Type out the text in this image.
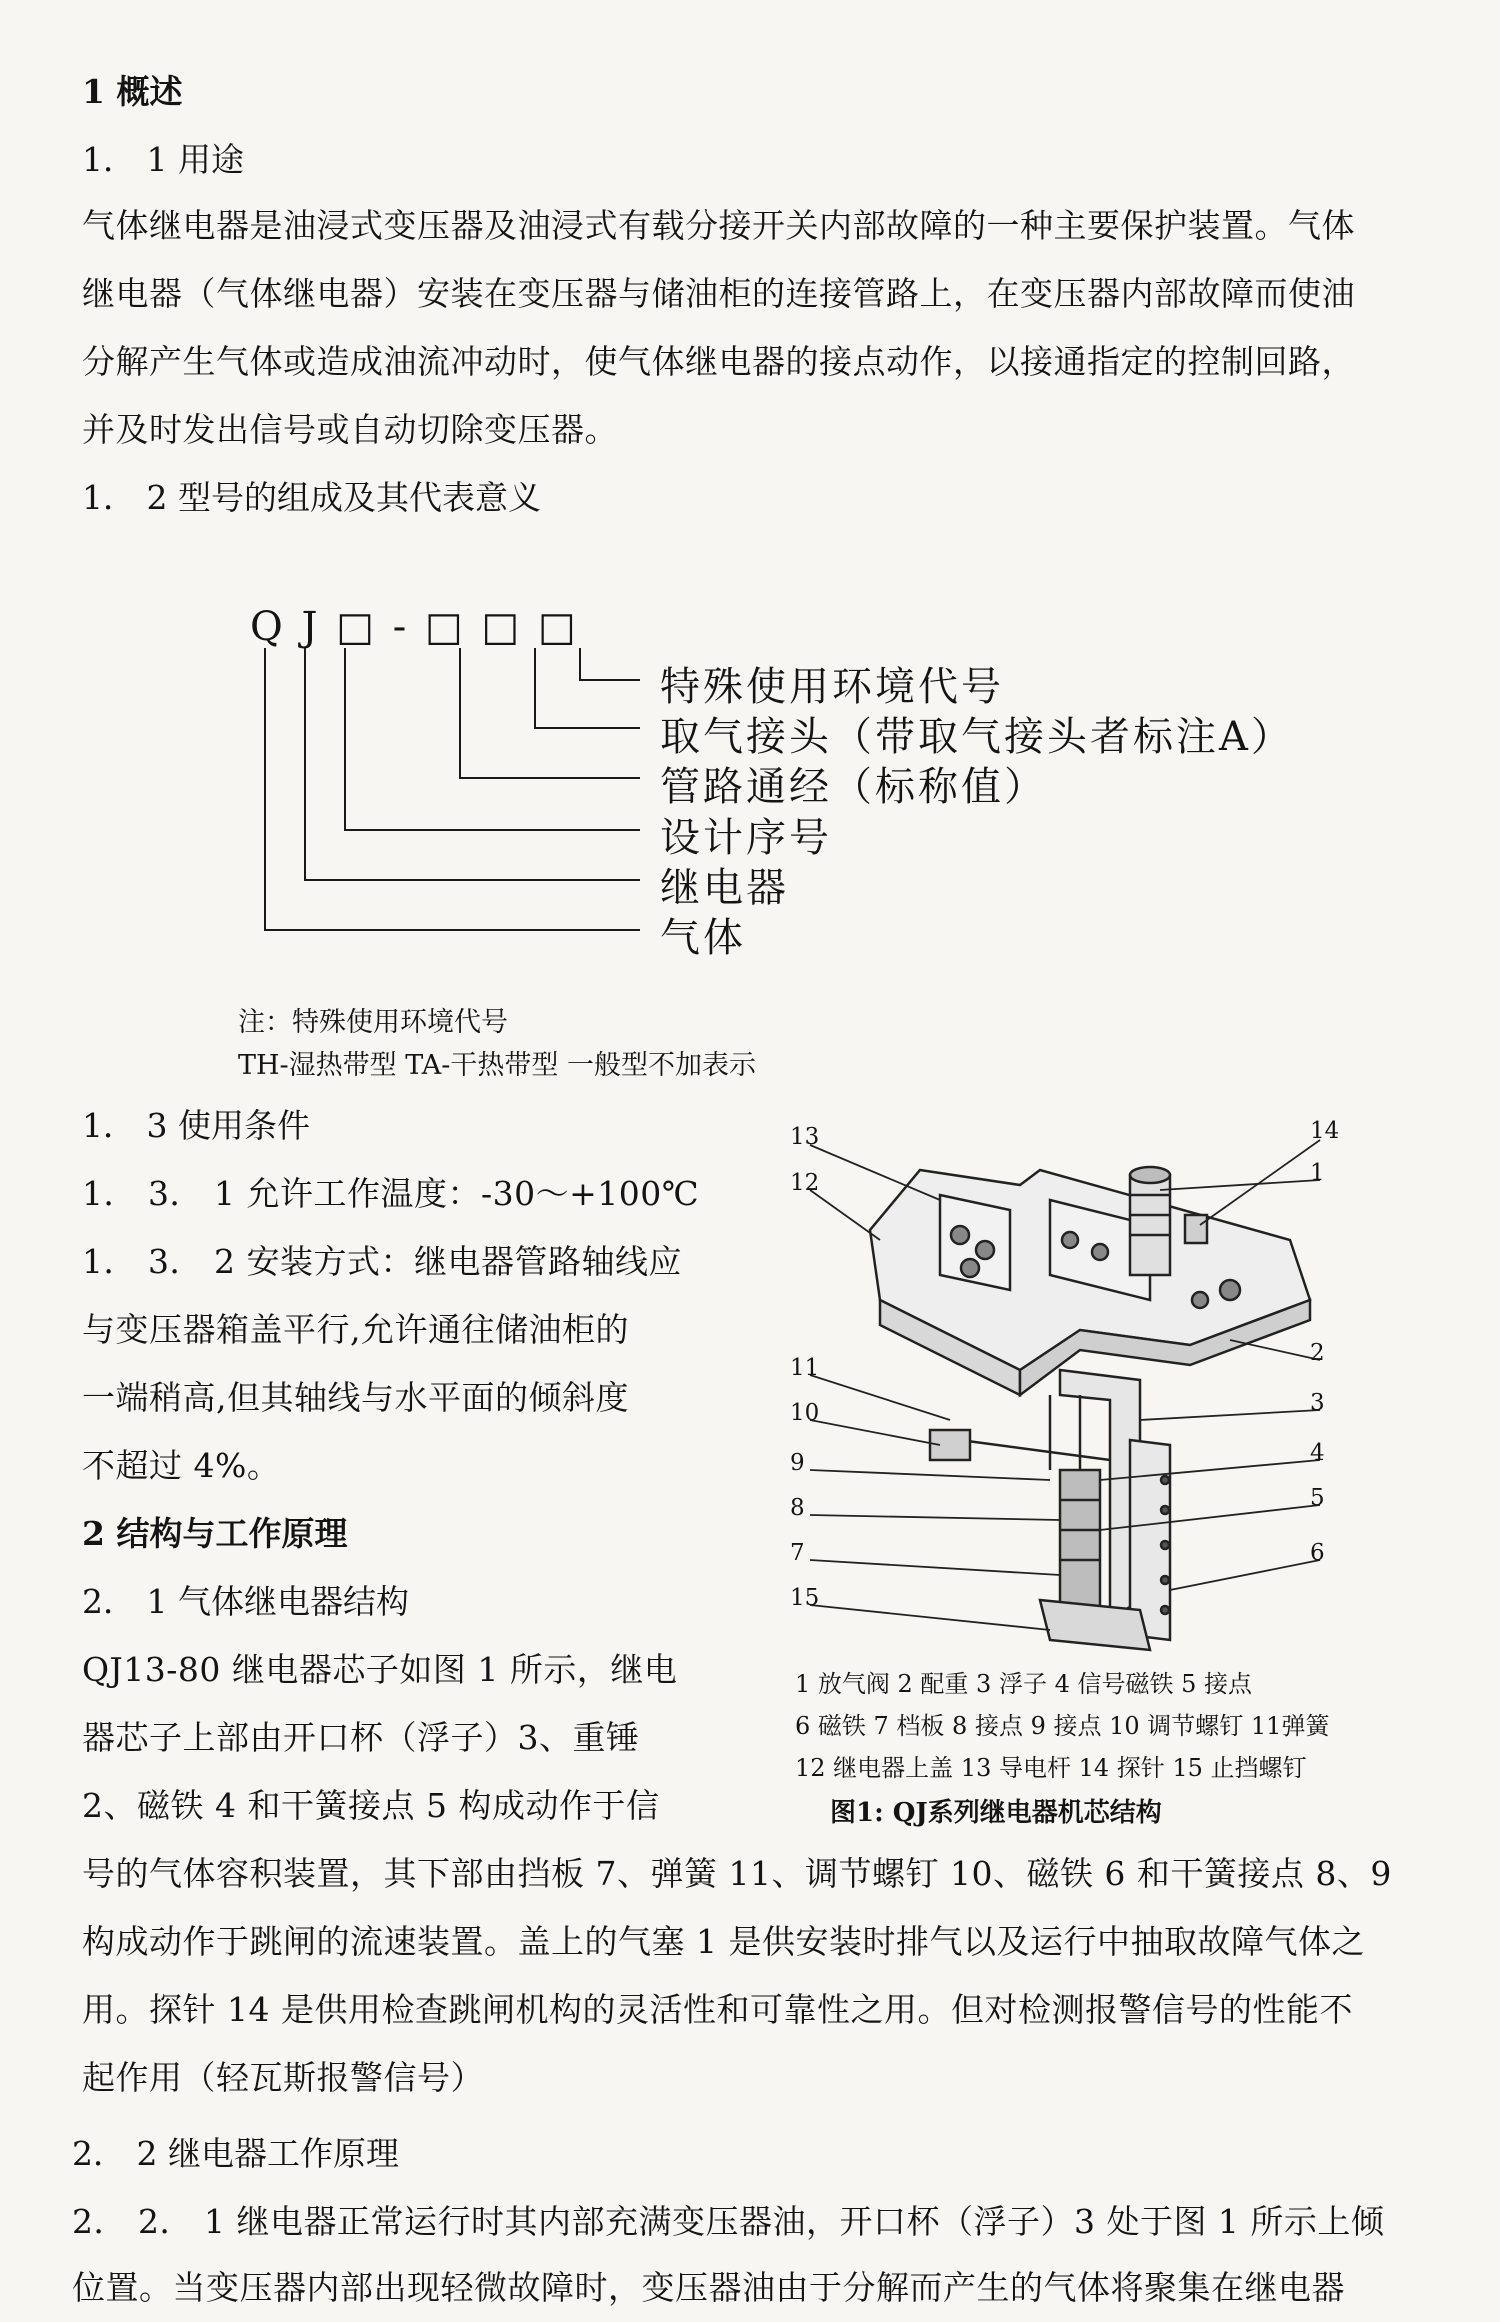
1 概述

1． 1 用途

气体继电器是油浸式变压器及油浸式有载分接开关内部故障的一种主要保护装置。气体

继电器（气体继电器）安装在变压器与储油柜的连接管路上，在变压器内部故障而使油

分解产生气体或造成油流冲动时，使气体继电器的接点动作，以接通指定的控制回路，

并及时发出信号或自动切除变压器。

1． 2 型号的组成及其代表意义

Q J □ - □ □ □

特殊使用环境代号

取气接头（带取气接头者标注A）

管路通经（标称值）

设计序号

继电器

气体

注：特殊使用环境代号

TH-湿热带型 TA-干热带型 一般型不加表示

1． 3 使用条件

1． 3． 1 允许工作温度：-30～+100℃

1． 3． 2 安装方式：继电器管路轴线应

与变压器箱盖平行,允许通往储油柜的

一端稍高,但其轴线与水平面的倾斜度

不超过 4%。

2 结构与工作原理

2． 1 气体继电器结构

QJ13-80 继电器芯子如图 1 所示，继电

器芯子上部由开口杯（浮子）3、重锤

2、磁铁 4 和干簧接点 5 构成动作于信

号的气体容积装置，其下部由挡板 7、弹簧 11、调节螺钉 10、磁铁 6 和干簧接点 8、9

构成动作于跳闸的流速装置。盖上的气塞 1 是供安装时排气以及运行中抽取故障气体之

用。探针 14 是供用检查跳闸机构的灵活性和可靠性之用。但对检测报警信号的性能不

起作用（轻瓦斯报警信号）

2． 2 继电器工作原理

2． 2． 1 继电器正常运行时其内部充满变压器油，开口杯（浮子）3 处于图 1 所示上倾

位置。当变压器内部出现轻微故障时，变压器油由于分解而产生的气体将聚集在继电器

13
12
11
10
9
8
7
15
14
1
2
3
4
5
6

1 放气阀 2 配重 3 浮子 4 信号磁铁 5 接点

6 磁铁 7 档板 8 接点 9 接点 10 调节螺钉 11弹簧

12 继电器上盖 13 导电杆 14 探针 15 止挡螺钉

图1: QJ系列继电器机芯结构
